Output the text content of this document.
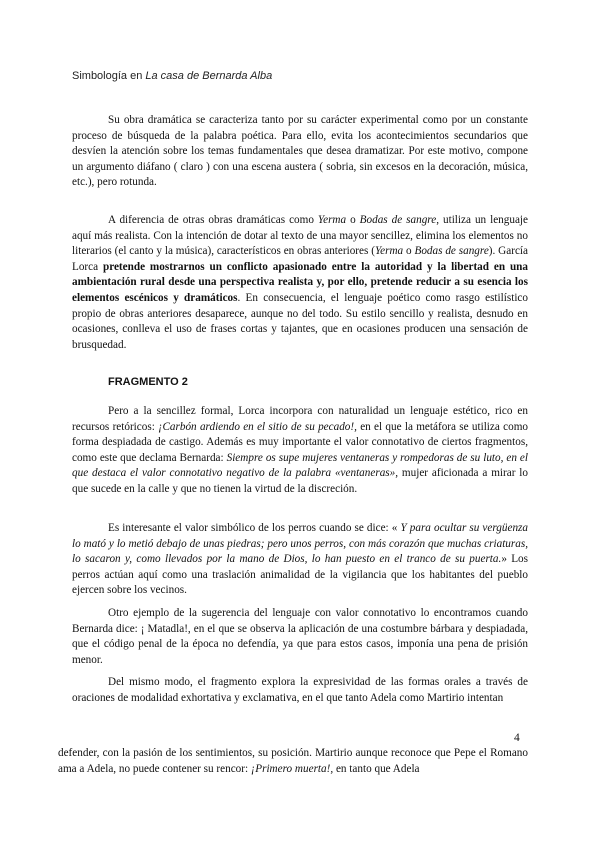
Simbología en La casa de Bernarda Alba

Su obra dramática se caracteriza tanto por su carácter experimental como por un constante proceso de búsqueda de la palabra poética. Para ello, evita los acontecimientos secundarios que desvíen la atención sobre los temas fundamentales que desea dramatizar. Por este motivo, compone un argumento diáfano ( claro ) con una escena austera ( sobria, sin excesos en la decoración, música, etc.), pero rotunda.

A diferencia de otras obras dramáticas como Yerma o Bodas de sangre, utiliza un lenguaje aquí más realista. Con la intención de dotar al texto de una mayor sencillez, elimina los elementos no literarios (el canto y la música), característicos en obras anteriores (Yerma o Bodas de sangre). García Lorca pretende mostrarnos un conflicto apasionado entre la autoridad y la libertad en una ambientación rural desde una perspectiva realista y, por ello, pretende reducir a su esencia los elementos escénicos y dramáticos. En consecuencia, el lenguaje poético como rasgo estilístico propio de obras anteriores desaparece, aunque no del todo. Su estilo sencillo y realista, desnudo en ocasiones, conlleva el uso de frases cortas y tajantes, que en ocasiones producen una sensación de brusquedad.

FRAGMENTO 2

Pero a la sencillez formal, Lorca incorpora con naturalidad un lenguaje estético, rico en recursos retóricos: ¡Carbón ardiendo en el sitio de su pecado!, en el que la metáfora se utiliza como forma despiadada de castigo. Además es muy importante el valor connotativo de ciertos fragmentos, como este que declama Bernarda: Siempre os supe mujeres ventaneras y rompedoras de su luto, en el que destaca el valor connotativo negativo de la palabra «ventaneras», mujer aficionada a mirar lo que sucede en la calle y que no tienen la virtud de la discreción.

Es interesante el valor simbólico de los perros cuando se dice: « Y para ocultar su vergüenza lo mató y lo metió debajo de unas piedras; pero unos perros, con más corazón que muchas criaturas, lo sacaron y, como llevados por la mano de Dios, lo han puesto en el tranco de su puerta.» Los perros actúan aquí como una traslación animalidad de la vigilancia que los habitantes del pueblo ejercen sobre los vecinos.

Otro ejemplo de la sugerencia del lenguaje con valor connotativo lo encontramos cuando Bernarda dice: ¡ Matadla!, en el que se observa la aplicación de una costumbre bárbara y despiadada, que el código penal de la época no defendía, ya que para estos casos, imponía una pena de prisión menor.

Del mismo modo, el fragmento explora la expresividad de las formas orales a través de oraciones de modalidad exhortativa y exclamativa, en el que tanto Adela como Martirio intentan

4

defender, con la pasión de los sentimientos, su posición. Martirio aunque reconoce que Pepe el Romano ama a Adela, no puede contener su rencor: ¡Primero muerta!, en tanto que Adela
